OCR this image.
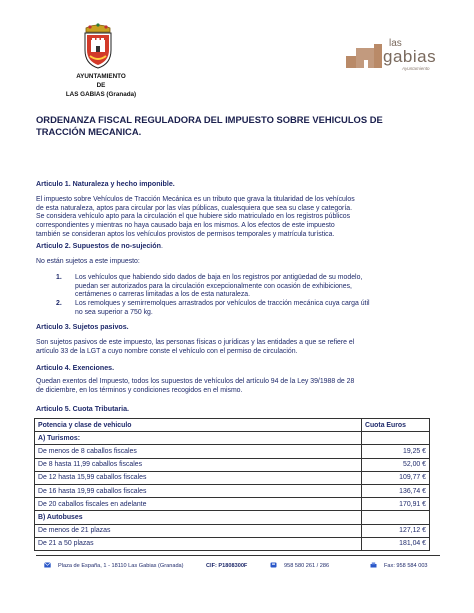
AYUNTAMIENTO
DE
LAS GABIAS (Granada)
las
gabias
Ayuntamiento
ORDENANZA FISCAL REGULADORA DEL IMPUESTO SOBRE VEHICULOS DE
TRACCIÓN MECANICA.
Articulo 1. Naturaleza y hecho imponible.
El impuesto sobre Vehículos de Tracción Mecánica es un tributo que grava la titularidad de los vehículos
de esta naturaleza, aptos para circular por las vías públicas, cualesquiera que sea su clase y categoría.
Se considera vehículo apto para la circulación el que hubiere sido matriculado en los registros públicos
correspondientes y mientras no haya causado baja en los mismos. A los efectos de este impuesto
también se consideran aptos los vehículos provistos de permisos temporales y matrícula turística.
Articulo 2. Supuestos de no-sujeción.
No están sujetos a este impuesto:
1. Los vehículos que habiendo sido dados de baja en los registros por antigüedad de su modelo,
puedan ser autorizados para la circulación excepcionalmente con ocasión de exhibiciones,
certámenes o carreras limitadas a los de esta naturaleza.
2. Los remolques y semirremolques arrastrados por vehículos de tracción mecánica cuya carga útil
no sea superior a 750 kg.
Articulo 3. Sujetos pasivos.
Son sujetos pasivos de este impuesto, las personas físicas o jurídicas y las entidades a que se refiere el
artículo 33 de la LGT a cuyo nombre conste el vehículo con el permiso de circulación.
Articulo 4. Exenciones.
Quedan exentos del Impuesto, todos los supuestos de vehículos del artículo 94 de la Ley 39/1988 de 28
de diciembre, en los términos y condiciones recogidos en el mismo.
Articulo 5. Cuota Tributaria.
Potencia y clase de vehiculo	Cuota Euros
A) Turismos:	
De menos de 8 caballos fiscales	19,25 €
De 8 hasta 11,99 caballos fiscales	52,00 €
De 12 hasta 15,99 caballos fiscales	109,77 €
De 16 hasta 19,99 caballos fiscales	136,74 €
De 20 caballos fiscales en adelante	170,91 €
B) Autobuses	
De menos de 21 plazas	127,12 €
De 21 a 50 plazas	181,04 €
Plaza de España, 1 - 18110 Las Gabias (Granada)	CIF: P1808300F	958 580 261 / 286	Fax: 958 584 003
